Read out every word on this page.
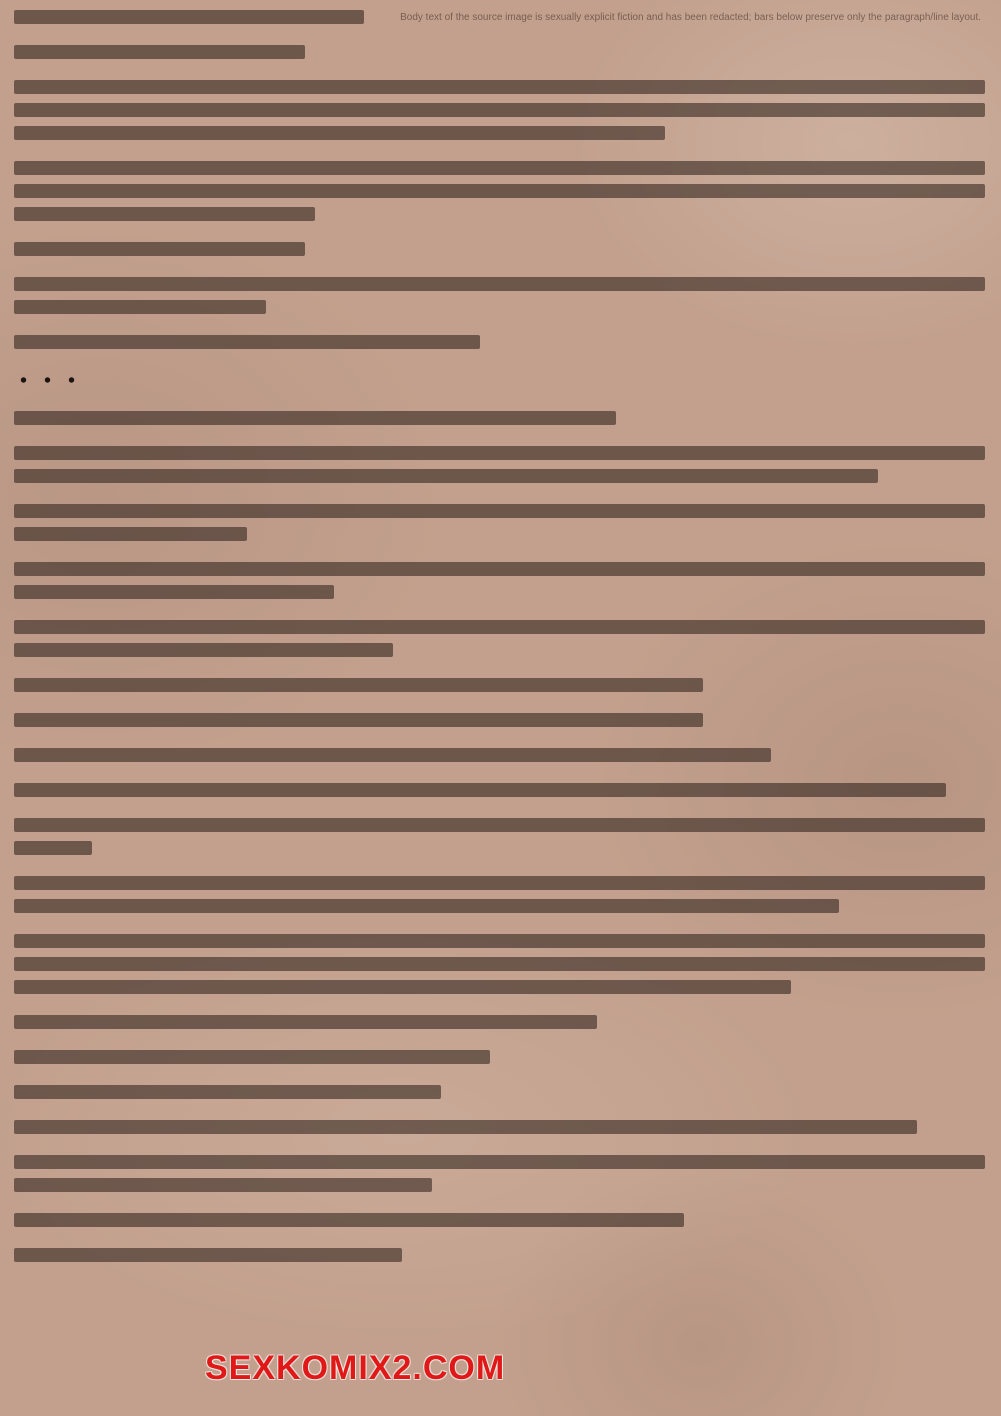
Body text of the source image is sexually explicit fiction and has been redacted; bars below preserve only the paragraph/line layout.
• • •
SEXKOMIX2.COM
